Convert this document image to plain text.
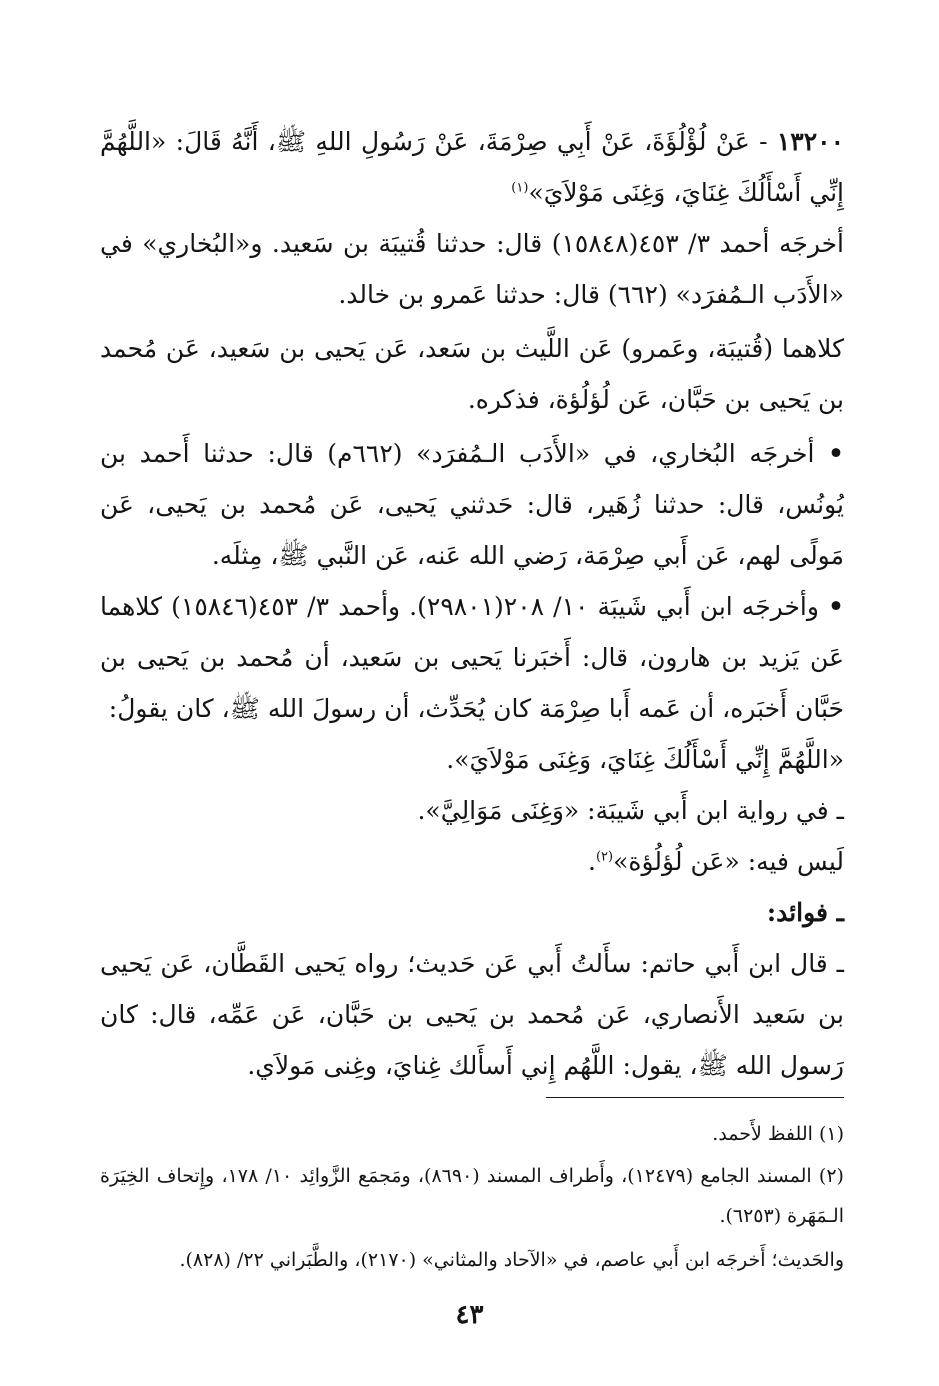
١٣٢٠٠ - عَنْ لُؤْلُؤَةَ، عَنْ أَبِي صِرْمَةَ، عَنْ رَسُولِ اللهِ ﷺ، أَنَّهُ قَالَ: «اللَّهُمَّ إِنِّي أَسْأَلُكَ غِنَايَ، وَغِنَى مَوْلاَيَ»$^{(١)}$
أخرجَه أحمد ٣/ ٤٥٣(١٥٨٤٨) قال: حدثنا قُتيبَة بن سَعيد. و«البُخاري» في «الأَدَب الـمُفرَد» (٦٦٢) قال: حدثنا عَمرو بن خالد.
كلاهما (قُتيبَة، وعَمرو) عَن اللَّيث بن سَعد، عَن يَحيى بن سَعيد، عَن مُحمد بن يَحيى بن حَبَّان، عَن لُؤلُؤة، فذكره.
• أخرجَه البُخاري، في «الأَدَب الـمُفرَد» (٦٦٢م) قال: حدثنا أَحمد بن يُونُس، قال: حدثنا زُهَير، قال: حَدثني يَحيى، عَن مُحمد بن يَحيى، عَن مَولًى لهم، عَن أَبي صِرْمَة، رَضي الله عَنه، عَن النَّبي ﷺ، مِثلَه.
• وأخرجَه ابن أَبي شَيبَة ١٠/ ٢٠٨(٢٩٨٠١). وأحمد ٣/ ٤٥٣(١٥٨٤٦) كلاهما عَن يَزيد بن هارون، قال: أَخبَرنا يَحيى بن سَعيد، أن مُحمد بن يَحيى بن حَبَّان أَخبَره، أن عَمه أَبا صِرْمَة كان يُحَدِّث، أن رسولَ الله ﷺ، كان يقولُ:
«اللَّهُمَّ إِنِّي أَسْأَلُكَ غِنَايَ، وَغِنَى مَوْلاَيَ».
ـ في رواية ابن أَبي شَيبَة: «وَغِنَى مَوَالِيَّ».
لَيس فيه: «عَن لُؤلُؤة»$^{(٢)}$.
ـ فوائد:
ـ قال ابن أَبي حاتم: سأَلتُ أَبي عَن حَديث؛ رواه يَحيى القَطَّان، عَن يَحيى بن سَعيد الأَنصاري، عَن مُحمد بن يَحيى بن حَبَّان، عَن عَمِّه، قال: كان رَسول الله ﷺ، يقول: اللَّهُم إِني أَسأَلك غِنايَ، وغِنى مَولاَي.
(١) اللفظ لأَحمد.
(٢) المسند الجامع (١٢٤٧٩)، وأَطراف المسند (٨٦٩٠)، ومَجمَع الزَّوائِد ١٠/ ١٧٨، وإِتحاف الخِيَرَة الـمَهَرة (٦٢٥٣).
والحَديث؛ أَخرجَه ابن أَبي عاصم، في «الآحاد والمثاني» (٢١٧٠)، والطَّبَراني ٢٢/ (٨٢٨).
٤٣
